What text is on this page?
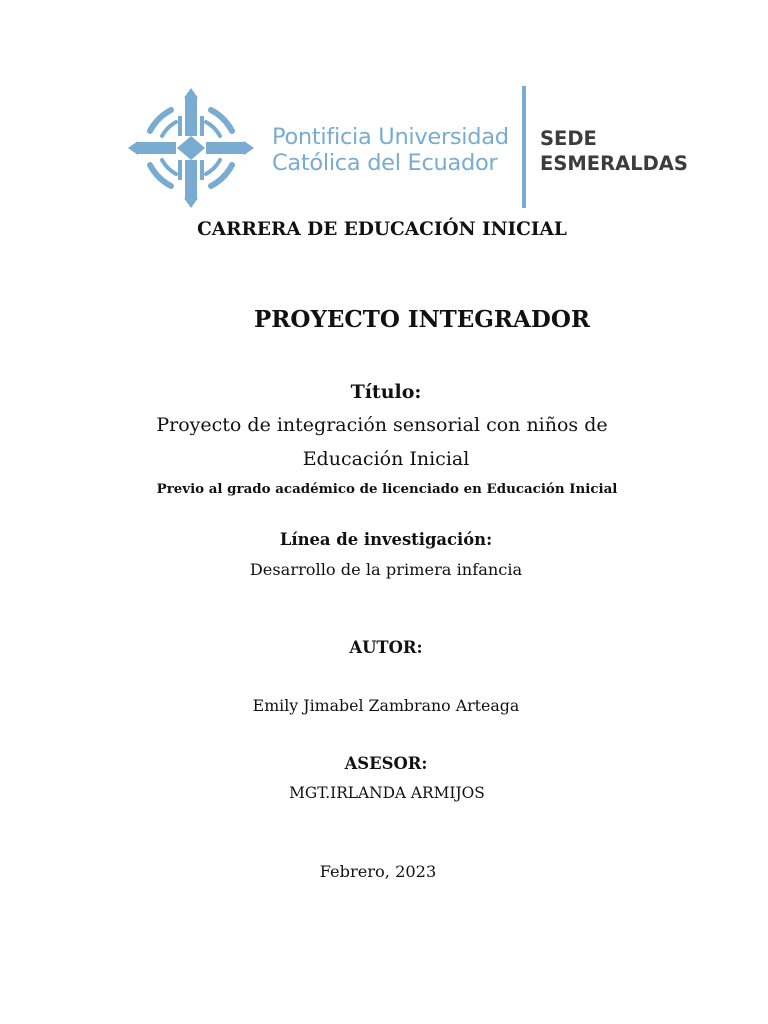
Pontificia Universidad
Católica del Ecuador
SEDE
ESMERALDAS
CARRERA DE EDUCACIÓN INICIAL
PROYECTO INTEGRADOR
Título:
Proyecto de integración sensorial con niños de
Educación Inicial
Previo al grado académico de licenciado en Educación Inicial
Línea de investigación:
Desarrollo de la primera infancia
AUTOR:
Emily Jimabel Zambrano Arteaga
ASESOR:
MGT.IRLANDA ARMIJOS
Febrero, 2023
